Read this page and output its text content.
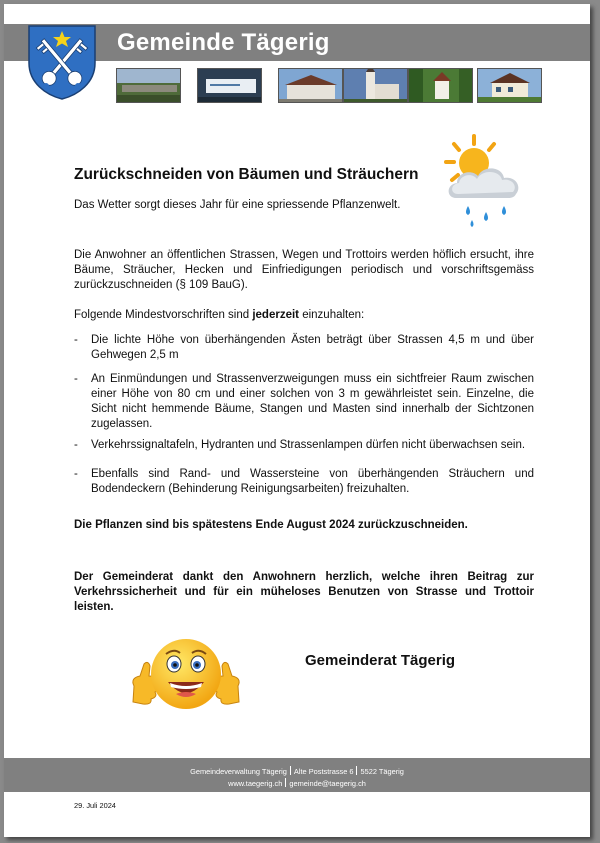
Gemeinde Tägerig
Zurückschneiden von Bäumen und Sträuchern
Das Wetter sorgt dieses Jahr für eine spriessende Pflanzenwelt.
Die Anwohner an öffentlichen Strassen, Wegen und Trottoirs werden höflich ersucht, ihre Bäume, Sträucher, Hecken und Einfriedigungen periodisch und vorschriftsgemäss zurückzuschneiden (§ 109 BauG).
Folgende Mindestvorschriften sind jederzeit einzuhalten:
- Die lichte Höhe von überhängenden Ästen beträgt über Strassen 4,5 m und über Gehwegen 2,5 m
- An Einmündungen und Strassenverzweigungen muss ein sichtfreier Raum zwischen einer Höhe von 80 cm und einer solchen von 3 m gewährleistet sein. Einzelne, die Sicht nicht hemmende Bäume, Stangen und Masten sind innerhalb der Sichtzonen zugelassen.
- Verkehrssignaltafeln, Hydranten und Strassenlampen dürfen nicht überwachsen sein.
- Ebenfalls sind Rand- und Wassersteine von überhängenden Sträuchern und Bodendeckern (Behinderung Reinigungsarbeiten) freizuhalten.
Die Pflanzen sind bis spätestens Ende August 2024 zurückzuschneiden.
Der Gemeinderat dankt den Anwohnern herzlich, welche ihren Beitrag zur Verkehrssicherheit und für ein müheloses Benutzen von Strasse und Trottoir leisten.
Gemeinderat Tägerig
Gemeindeverwaltung Tägerig Alte Poststrasse 6 5522 Tägerig
www.taegerig.ch gemeinde@taegerig.ch
29. Juli 2024
